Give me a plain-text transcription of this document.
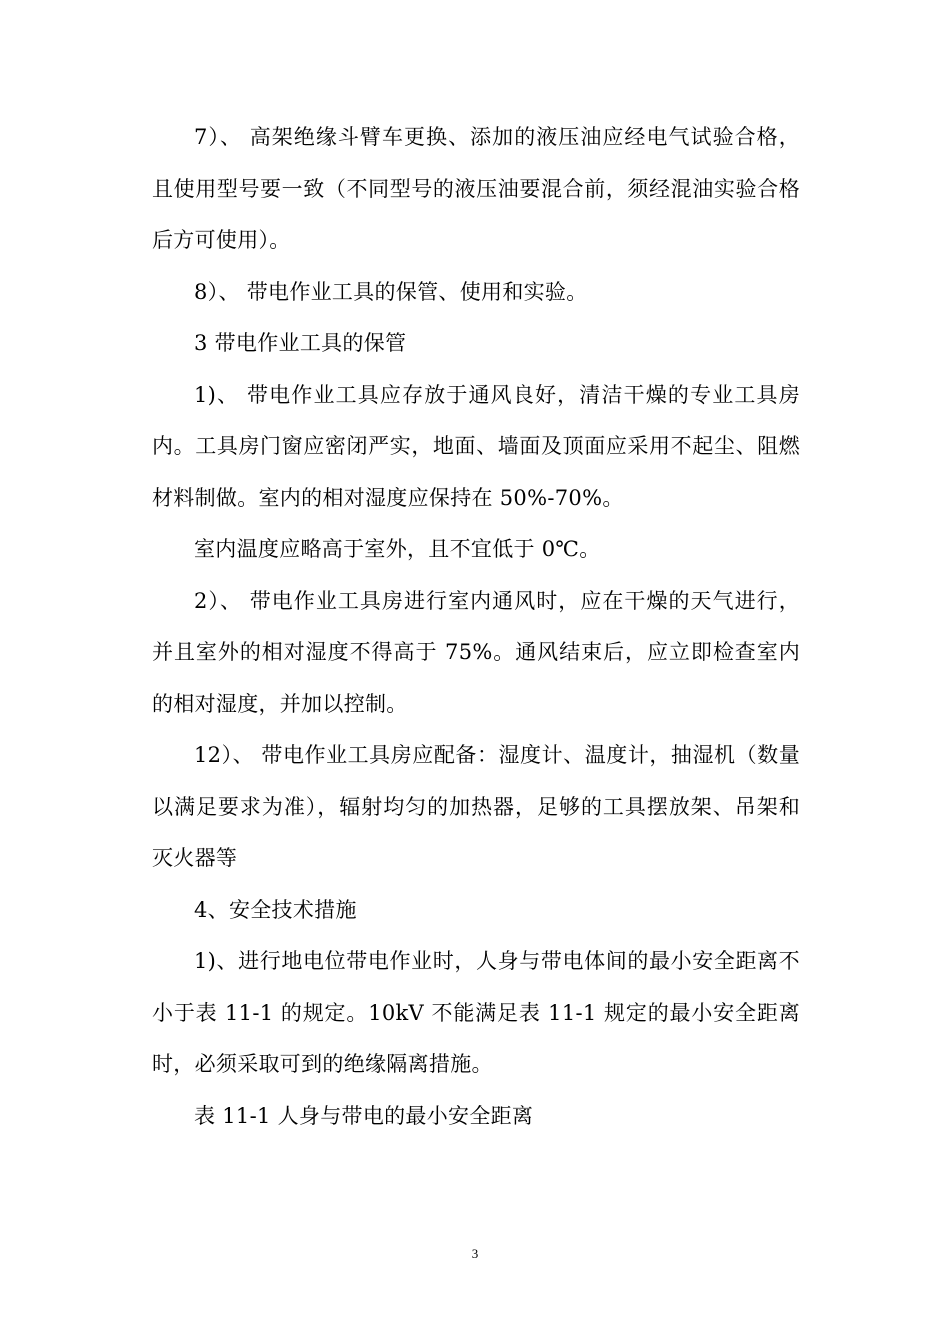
7）、 高架绝缘斗臂车更换、添加的液压油应经电气试验合格，且使用型号要一致（不同型号的液压油要混合前，须经混油实验合格后方可使用）。

8）、 带电作业工具的保管、使用和实验。

3 带电作业工具的保管

1)、 带电作业工具应存放于通风良好，清洁干燥的专业工具房内。工具房门窗应密闭严实，地面、墙面及顶面应采用不起尘、阻燃材料制做。室内的相对湿度应保持在 50%-70%。

室内温度应略高于室外，且不宜低于 0℃。

2）、 带电作业工具房进行室内通风时，应在干燥的天气进行，并且室外的相对湿度不得高于 75%。通风结束后，应立即检查室内的相对湿度，并加以控制。

12）、 带电作业工具房应配备：湿度计、温度计，抽湿机（数量以满足要求为准），辐射均匀的加热器，足够的工具摆放架、吊架和灭火器等

4、安全技术措施

1)、进行地电位带电作业时，人身与带电体间的最小安全距离不小于表 11-1 的规定。10kV 不能满足表 11-1 规定的最小安全距离时，必须采取可到的绝缘隔离措施。

表 11-1 人身与带电的最小安全距离

3
